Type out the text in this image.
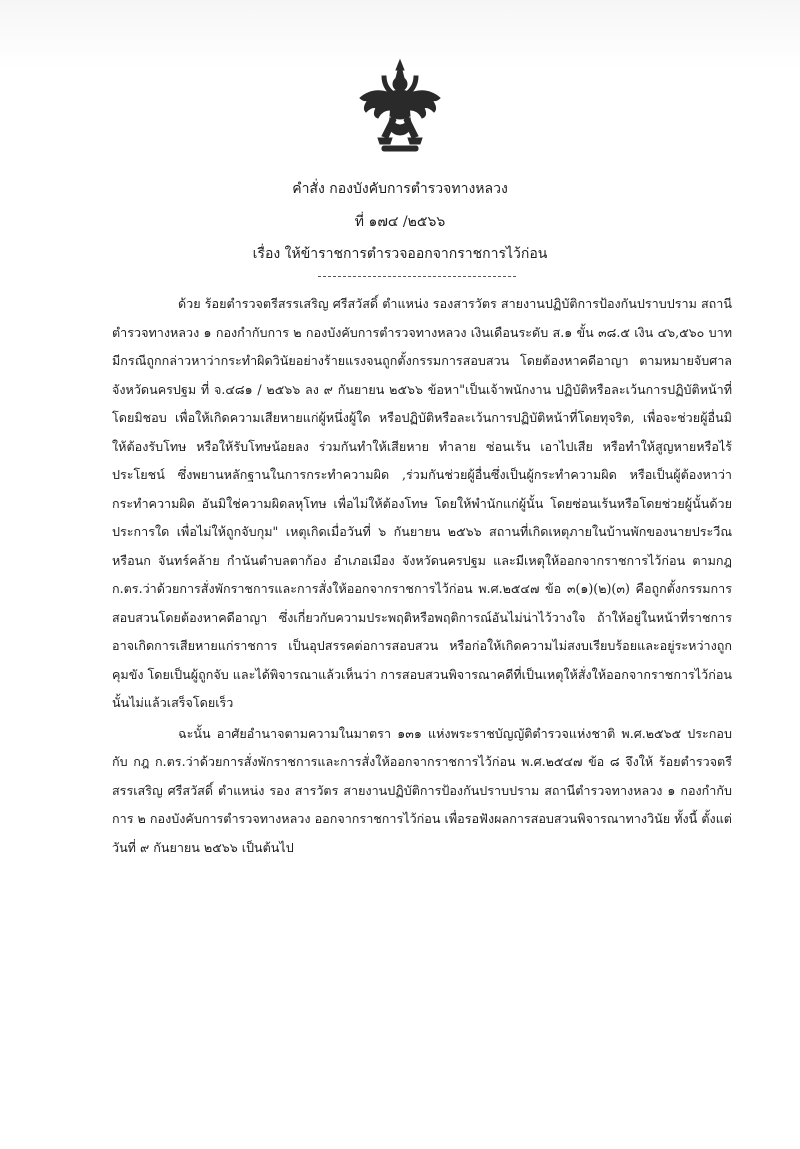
คำสั่ง กองบังคับการตำรวจทางหลวง
ที่ ๑๗๔ /๒๕๖๖
เรื่อง ให้ข้าราชการตำรวจออกจากราชการไว้ก่อน

ด้วย ร้อยตำรวจตรีสรรเสริญ ศรีสวัสดิ์ ตำแหน่ง รองสารวัตร สายงานปฏิบัติการป้องกันปราบปราม สถานีตำรวจทางหลวง ๑ กองกำกับการ ๒ กองบังคับการตำรวจทางหลวง เงินเดือนระดับ ส.๑ ขั้น ๓๘.๕ เงิน ๔๖,๕๖๐ บาท มีกรณีถูกกล่าวหาว่ากระทำผิดวินัยอย่างร้ายแรงจนถูกตั้งกรรมการสอบสวน โดยต้องหาคดีอาญา ตามหมายจับศาลจังหวัดนครปฐม ที่ จ.๔๘๑ / ๒๕๖๖ ลง ๙ กันยายน ๒๕๖๖ ข้อหา"เป็นเจ้าพนักงาน ปฏิบัติหรือละเว้นการปฏิบัติหน้าที่โดยมิชอบ เพื่อให้เกิดความเสียหายแก่ผู้หนึ่งผู้ใด หรือปฏิบัติหรือละเว้นการปฏิบัติหน้าที่โดยทุจริต, เพื่อจะช่วยผู้อื่นมิให้ต้องรับโทษ หรือให้รับโทษน้อยลง ร่วมกันทำให้เสียหาย ทำลาย ซ่อนเร้น เอาไปเสีย หรือทำให้สูญหายหรือไร้ประโยชน์ ซึ่งพยานหลักฐานในการกระทำความผิด ,ร่วมกันช่วยผู้อื่นซึ่งเป็นผู้กระทำความผิด หรือเป็นผู้ต้องหาว่ากระทำความผิด อันมิใช่ความผิดลหุโทษ เพื่อไม่ให้ต้องโทษ โดยให้พำนักแก่ผู้นั้น โดยซ่อนเร้นหรือโดยช่วยผู้นั้นด้วยประการใด เพื่อไม่ให้ถูกจับกุม" เหตุเกิดเมื่อวันที่ ๖ กันยายน ๒๕๖๖ สถานที่เกิดเหตุภายในบ้านพักของนายประวีณหรือนก จันทร์คล้าย กำนันตำบลตาก้อง อำเภอเมือง จังหวัดนครปฐม และมีเหตุให้ออกจากราชการไว้ก่อน ตามกฎ ก.ตร.ว่าด้วยการสั่งพักราชการและการสั่งให้ออกจากราชการไว้ก่อน พ.ศ.๒๕๔๗ ข้อ ๓(๑)(๒)(๓) คือถูกตั้งกรรมการสอบสวนโดยต้องหาคดีอาญา ซึ่งเกี่ยวกับความประพฤติหรือพฤติการณ์อันไม่น่าไว้วางใจ ถ้าให้อยู่ในหน้าที่ราชการอาจเกิดการเสียหายแก่ราชการ เป็นอุปสรรคต่อการสอบสวน หรือก่อให้เกิดความไม่สงบเรียบร้อยและอยู่ระหว่างถูกคุมขัง โดยเป็นผู้ถูกจับ และได้พิจารณาแล้วเห็นว่า การสอบสวนพิจารณาคดีที่เป็นเหตุให้สั่งให้ออกจากราชการไว้ก่อนนั้นไม่แล้วเสร็จโดยเร็ว

ฉะนั้น อาศัยอำนาจตามความในมาตรา ๑๓๑ แห่งพระราชบัญญัติตำรวจแห่งชาติ พ.ศ.๒๕๖๕ ประกอบกับ กฎ ก.ตร.ว่าด้วยการสั่งพักราชการและการสั่งให้ออกจากราชการไว้ก่อน พ.ศ.๒๕๔๗ ข้อ ๘ จึงให้ ร้อยตำรวจตรีสรรเสริญ ศรีสวัสดิ์ ตำแหน่ง รอง สารวัตร สายงานปฏิบัติการป้องกันปราบปราม สถานีตำรวจทางหลวง ๑ กองกำกับการ ๒ กองบังคับการตำรวจทางหลวง ออกจากราชการไว้ก่อน เพื่อรอฟังผลการสอบสวนพิจารณาทางวินัย ทั้งนี้ ตั้งแต่วันที่ ๙ กันยายน ๒๕๖๖ เป็นต้นไป
